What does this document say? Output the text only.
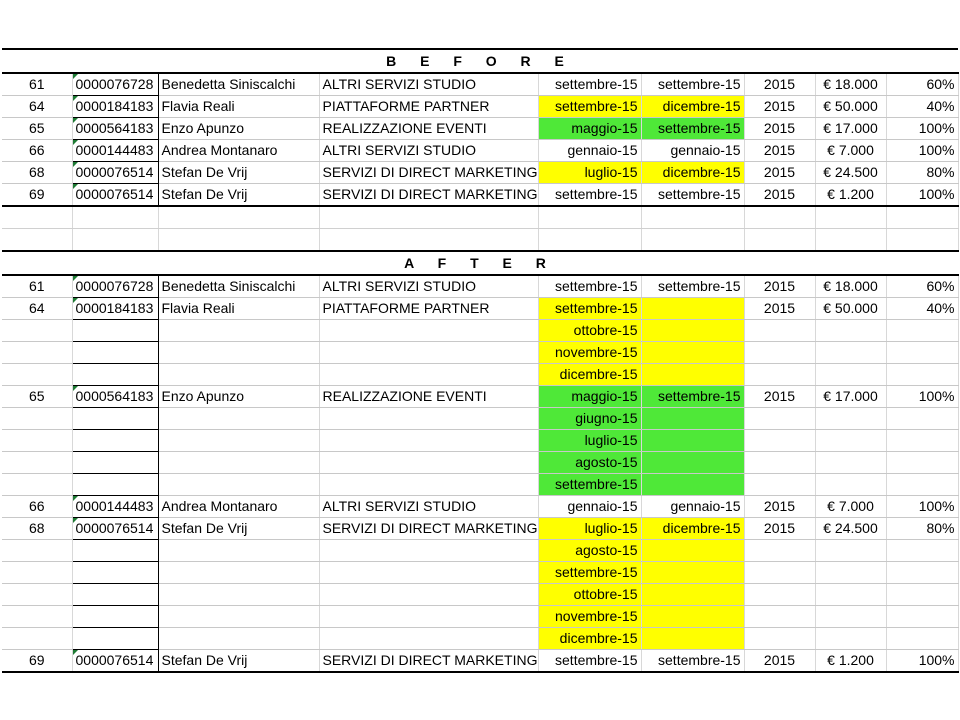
B E F O R E								
61	0000076728	Benedetta Siniscalchi	ALTRI SERVIZI STUDIO	settembre-15	settembre-15	2015	€ 18.000	60%
64	0000184183	Flavia Reali	PIATTAFORME PARTNER	settembre-15	dicembre-15	2015	€ 50.000	40%
65	0000564183	Enzo Apunzo	REALIZZAZIONE EVENTI	maggio-15	settembre-15	2015	€ 17.000	100%
66	0000144483	Andrea Montanaro	ALTRI SERVIZI STUDIO	gennaio-15	gennaio-15	2015	€ 7.000	100%
68	0000076514	Stefan De Vrij	SERVIZI DI DIRECT MARKETING	luglio-15	dicembre-15	2015	€ 24.500	80%
69	0000076514	Stefan De Vrij	SERVIZI DI DIRECT MARKETING	settembre-15	settembre-15	2015	€ 1.200	100%

A F T E R								
61	0000076728	Benedetta Siniscalchi	ALTRI SERVIZI STUDIO	settembre-15	settembre-15	2015	€ 18.000	60%
64	0000184183	Flavia Reali	PIATTAFORME PARTNER	settembre-15		2015	€ 50.000	40%
				ottobre-15				
				novembre-15				
				dicembre-15				
65	0000564183	Enzo Apunzo	REALIZZAZIONE EVENTI	maggio-15	settembre-15	2015	€ 17.000	100%
				giugno-15				
				luglio-15				
				agosto-15				
				settembre-15				
66	0000144483	Andrea Montanaro	ALTRI SERVIZI STUDIO	gennaio-15	gennaio-15	2015	€ 7.000	100%
68	0000076514	Stefan De Vrij	SERVIZI DI DIRECT MARKETING	luglio-15	dicembre-15	2015	€ 24.500	80%
				agosto-15				
				settembre-15				
				ottobre-15				
				novembre-15				
				dicembre-15				
69	0000076514	Stefan De Vrij	SERVIZI DI DIRECT MARKETING	settembre-15	settembre-15	2015	€ 1.200	100%
